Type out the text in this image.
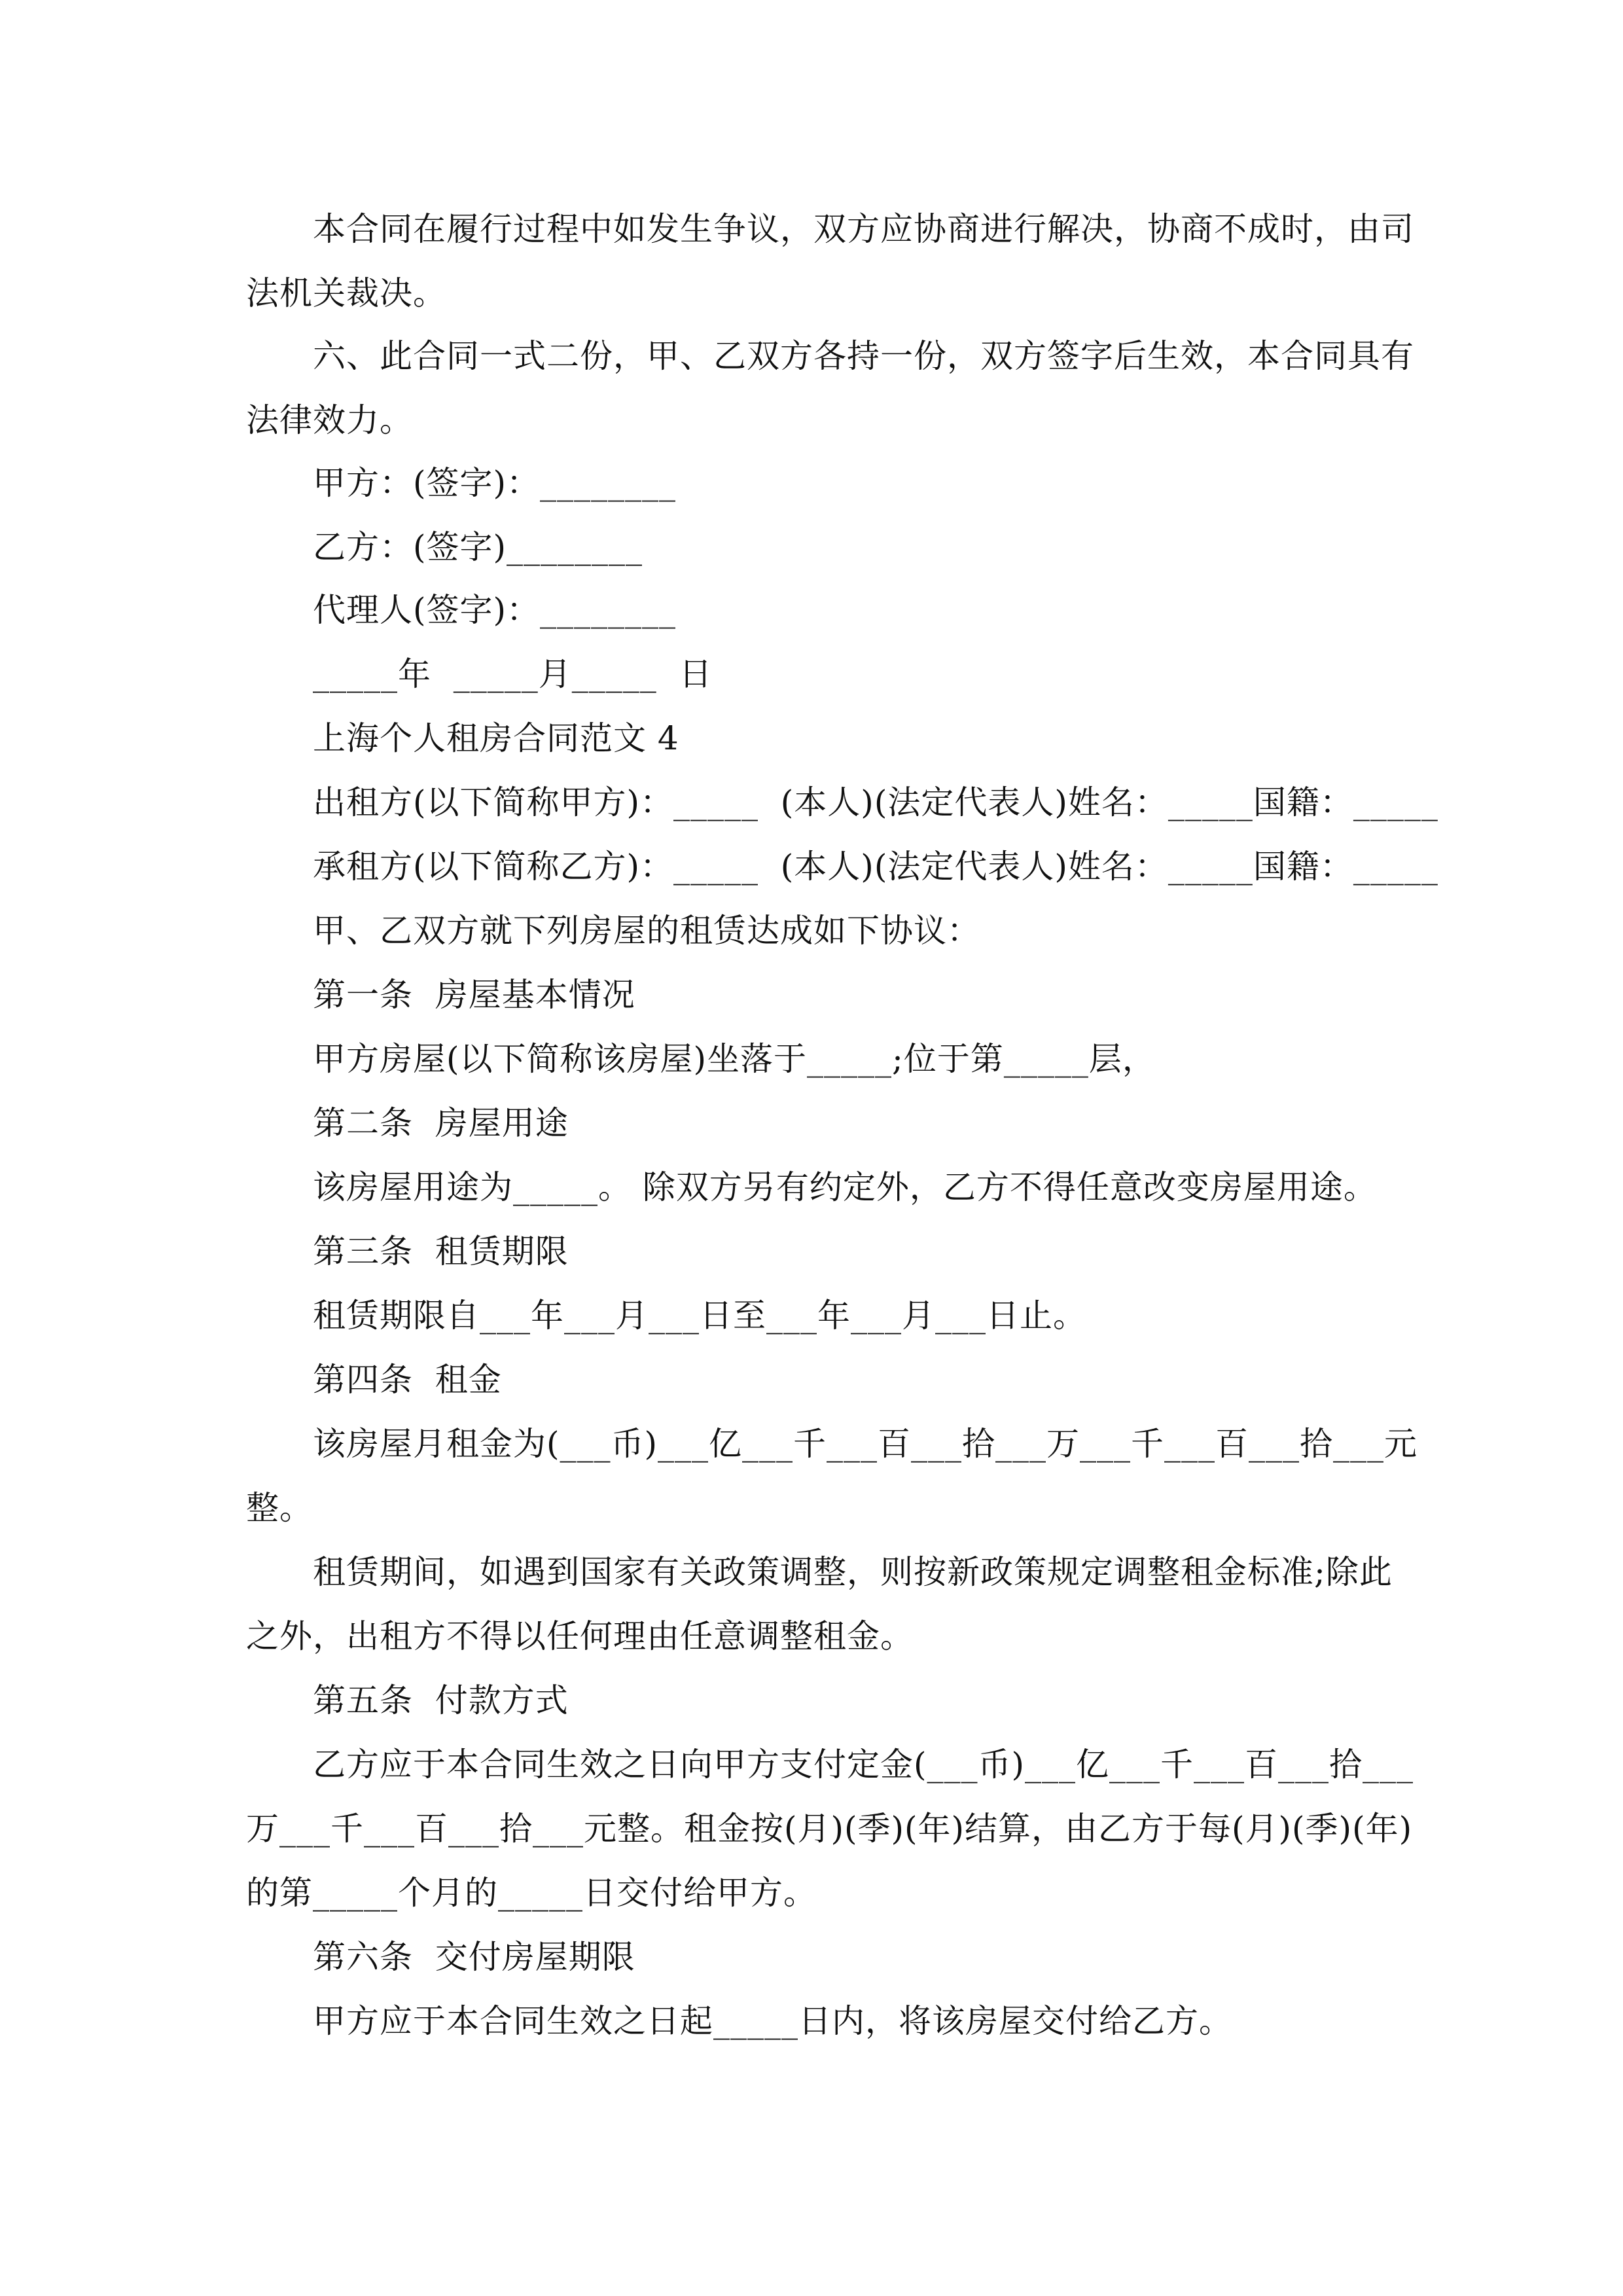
本合同在履行过程中如发生争议，双方应协商进行解决，协商不成时，由司
法机关裁决。
六、此合同一式二份，甲、乙双方各持一份，双方签字后生效，本合同具有
法律效力。
甲方：(签字)：________
乙方：(签字)________
代理人(签字)：________
_____年  _____月_____  日
上海个人租房合同范文 4
出租方(以下简称甲方)：_____  (本人)(法定代表人)姓名：_____国籍：_____
承租方(以下简称乙方)：_____  (本人)(法定代表人)姓名：_____国籍：_____
甲、乙双方就下列房屋的租赁达成如下协议：
第一条  房屋基本情况
甲方房屋(以下简称该房屋)坐落于_____;位于第_____层，
第二条  房屋用途
该房屋用途为_____。 除双方另有约定外，乙方不得任意改变房屋用途。
第三条  租赁期限
租赁期限自___年___月___日至___年___月___日止。
第四条  租金
该房屋月租金为(___币)___亿___千___百___拾___万___千___百___拾___元
整。
租赁期间，如遇到国家有关政策调整，则按新政策规定调整租金标准;除此
之外，出租方不得以任何理由任意调整租金。
第五条  付款方式
乙方应于本合同生效之日向甲方支付定金(___币)___亿___千___百___拾___
万___千___百___拾___元整。租金按(月)(季)(年)结算，由乙方于每(月)(季)(年)
的第_____个月的_____日交付给甲方。
第六条  交付房屋期限
甲方应于本合同生效之日起_____日内，将该房屋交付给乙方。
